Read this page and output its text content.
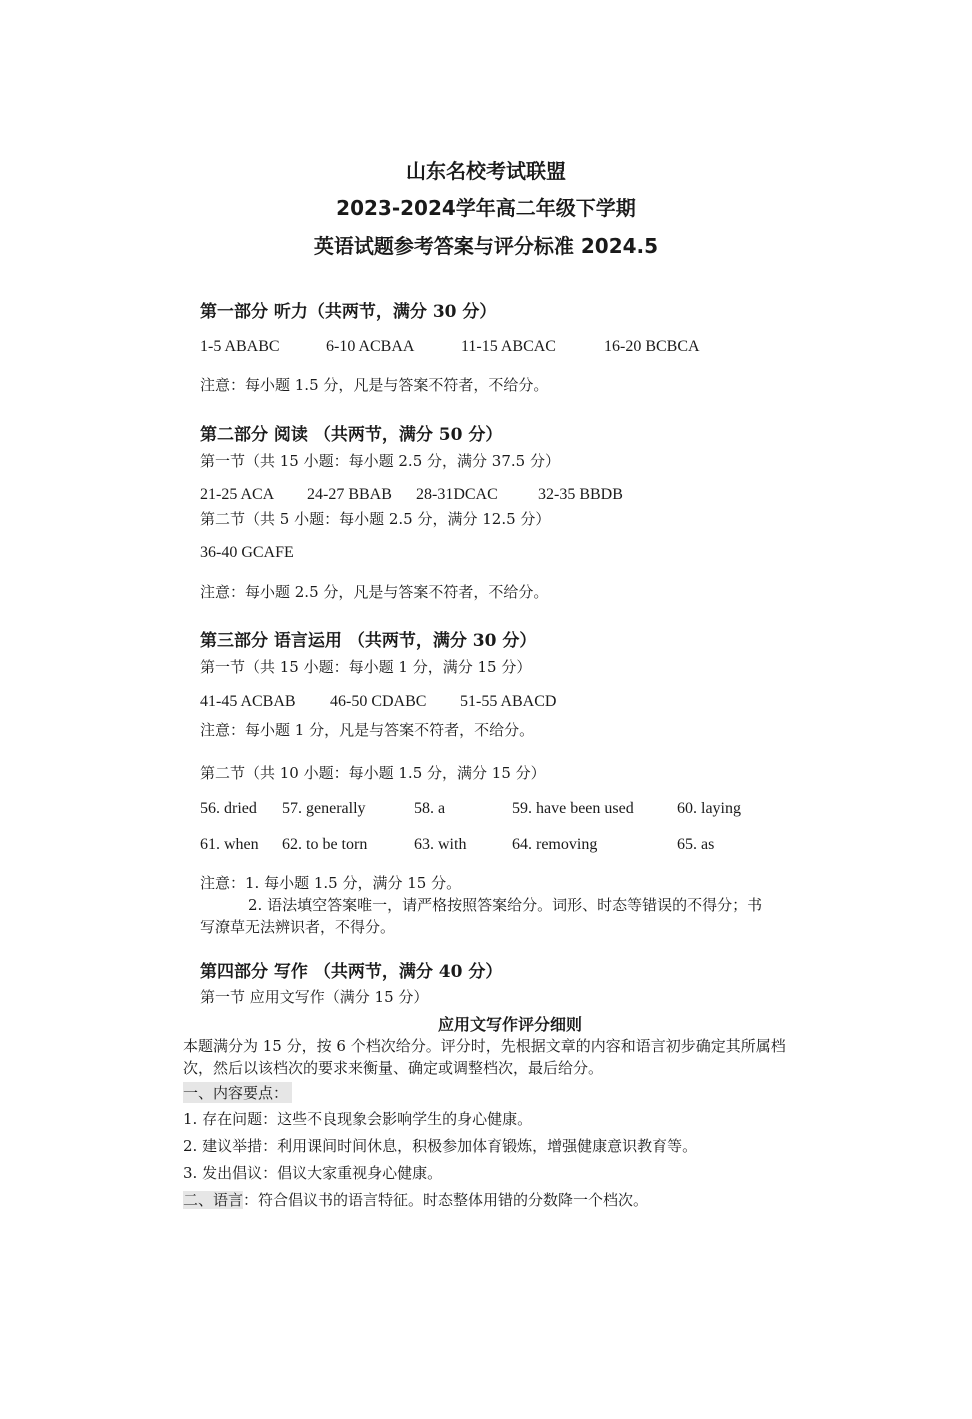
山东名校考试联盟
2023-2024学年高二年级下学期
英语试题参考答案与评分标准 2024.5
第一部分 听力（共两节，满分 30 分）
1-5 ABABC	6-10 ACBAA	11-15 ABCAC	16-20 BCBCA
注意：每小题 1.5 分，凡是与答案不符者，不给分。
第二部分 阅读 （共两节，满分 50 分）
第一节（共 15 小题：每小题 2.5 分，满分 37.5 分）
21-25 ACA 24-27 BBAB 28-31DCAC	32-35 BBDB
第二节（共 5 小题：每小题 2.5 分，满分 12.5 分）
36-40 GCAFE
注意：每小题 2.5 分，凡是与答案不符者，不给分。
第三部分 语言运用 （共两节，满分 30 分）
第一节（共 15 小题：每小题 1 分，满分 15 分）
41-45 ACBAB 46-50 CDABC 51-55 ABACD
注意：每小题 1 分，凡是与答案不符者，不给分。
第二节（共 10 小题：每小题 1.5 分，满分 15 分）
56. dried 57. generally	58. a	59. have been used	60. laying
61. when 62. to be torn	63. with	64. removing	65. as
注意：1. 每小题 1.5 分，满分 15 分。
2. 语法填空答案唯一，请严格按照答案给分。词形、时态等错误的不得分；书
写潦草无法辨识者，不得分。
第四部分 写作 （共两节，满分 40 分）
第一节 应用文写作（满分 15 分）
应用文写作评分细则
本题满分为 15 分，按 6 个档次给分。评分时，先根据文章的内容和语言初步确定其所属档
次，然后以该档次的要求来衡量、确定或调整档次，最后给分。
一、内容要点：
1. 存在问题：这些不良现象会影响学生的身心健康。
2. 建议举措：利用课间时间休息，积极参加体育锻炼，增强健康意识教育等。
3. 发出倡议：倡议大家重视身心健康。
二、语言：符合倡议书的语言特征。时态整体用错的分数降一个档次。
